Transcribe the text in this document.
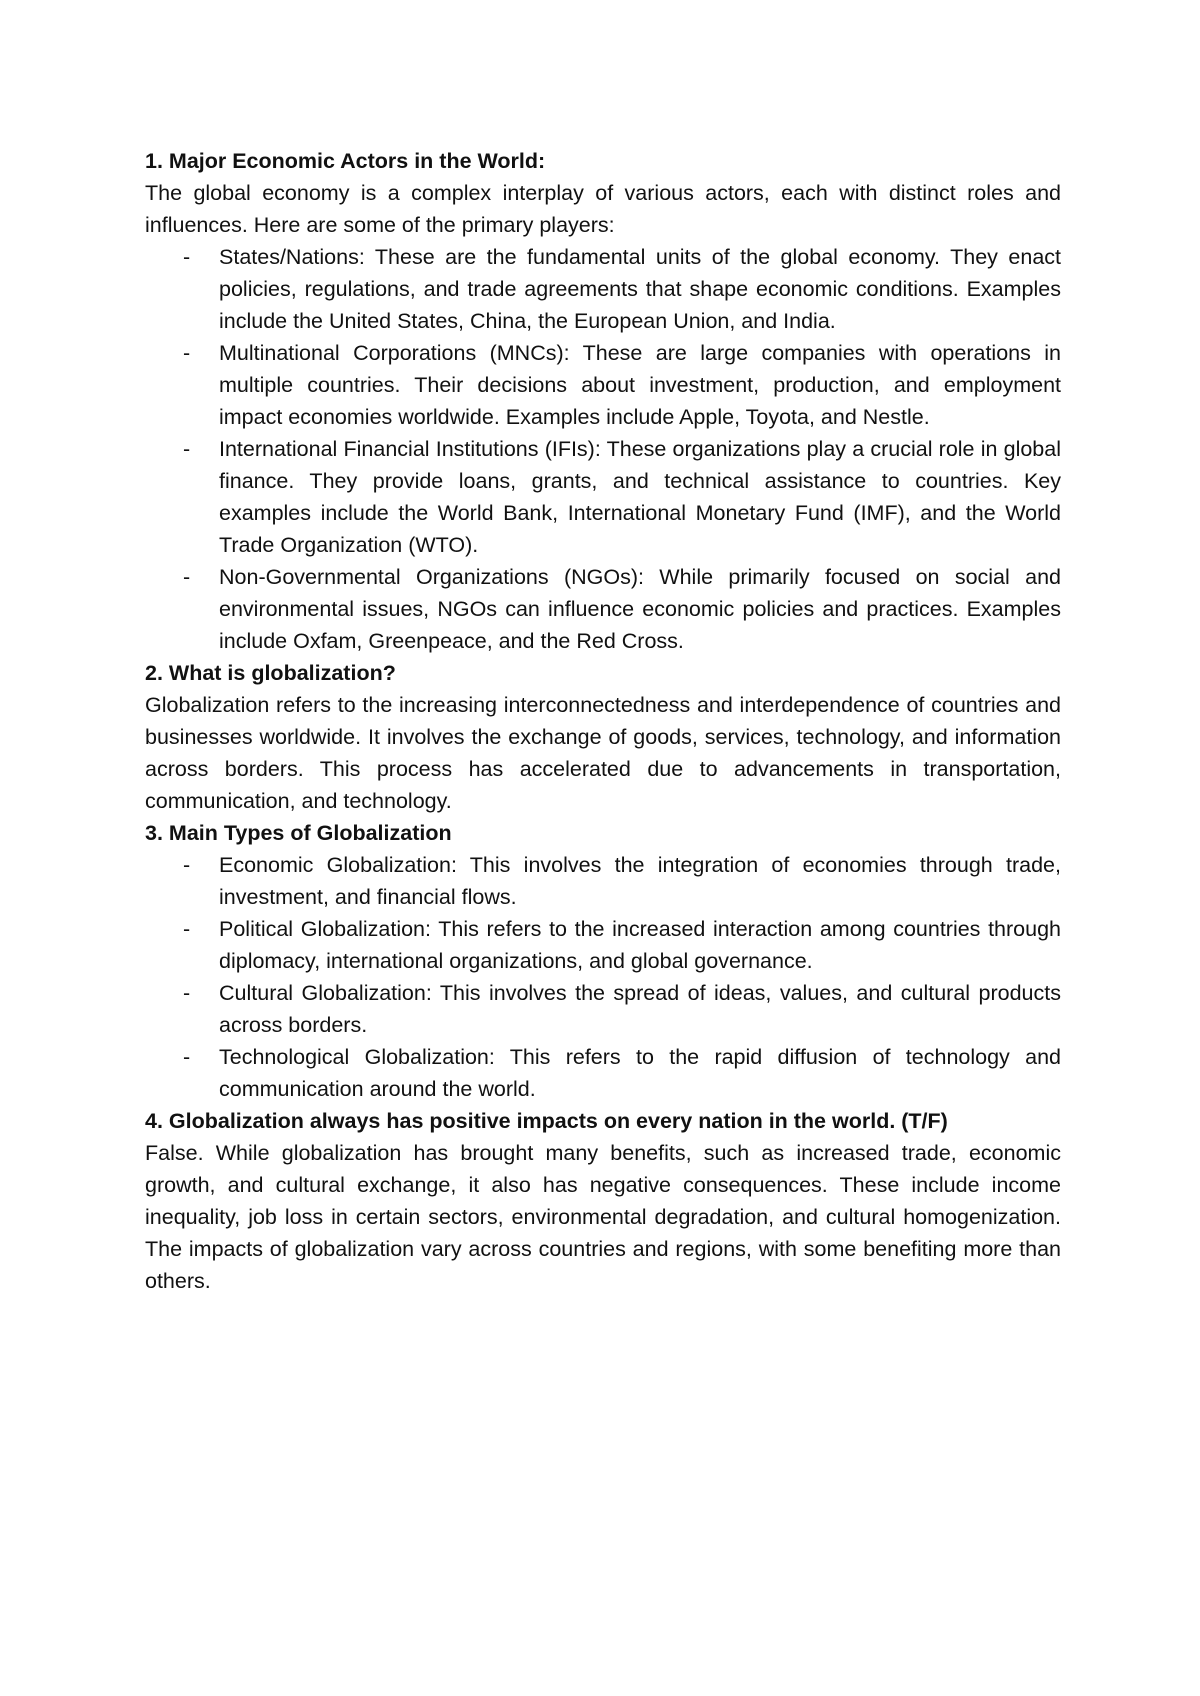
1. Major Economic Actors in the World:

The global economy is a complex interplay of various actors, each with distinct roles and influences. Here are some of the primary players:

- States/Nations: These are the fundamental units of the global economy. They enact policies, regulations, and trade agreements that shape economic conditions. Examples include the United States, China, the European Union, and India.
- Multinational Corporations (MNCs): These are large companies with operations in multiple countries. Their decisions about investment, production, and employment impact economies worldwide. Examples include Apple, Toyota, and Nestle.
- International Financial Institutions (IFIs): These organizations play a crucial role in global finance. They provide loans, grants, and technical assistance to countries. Key examples include the World Bank, International Monetary Fund (IMF), and the World Trade Organization (WTO).
- Non-Governmental Organizations (NGOs): While primarily focused on social and environmental issues, NGOs can influence economic policies and practices. Examples include Oxfam, Greenpeace, and the Red Cross.

2. What is globalization?

Globalization refers to the increasing interconnectedness and interdependence of countries and businesses worldwide. It involves the exchange of goods, services, technology, and information across borders. This process has accelerated due to advancements in transportation, communication, and technology.

3. Main Types of Globalization

- Economic Globalization: This involves the integration of economies through trade, investment, and financial flows.
- Political Globalization: This refers to the increased interaction among countries through diplomacy, international organizations, and global governance.
- Cultural Globalization: This involves the spread of ideas, values, and cultural products across borders.
- Technological Globalization: This refers to the rapid diffusion of technology and communication around the world.

4. Globalization always has positive impacts on every nation in the world. (T/F)

False. While globalization has brought many benefits, such as increased trade, economic growth, and cultural exchange, it also has negative consequences. These include income inequality, job loss in certain sectors, environmental degradation, and cultural homogenization. The impacts of globalization vary across countries and regions, with some benefiting more than others.
